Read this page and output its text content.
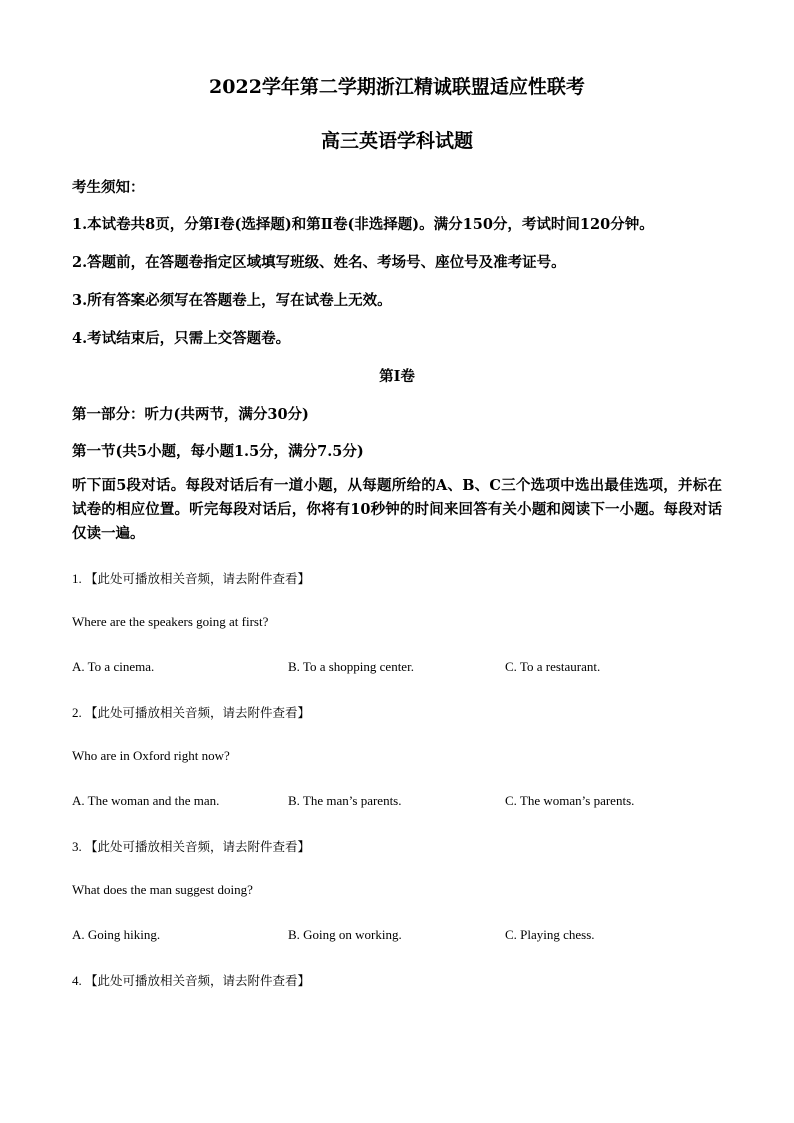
2022学年第二学期浙江精诚联盟适应性联考
高三英语学科试题
考生须知：
1.本试卷共8页，分第Ⅰ卷(选择题)和第Ⅱ卷(非选择题)。满分150分，考试时间120分钟。
2.答题前，在答题卷指定区域填写班级、姓名、考场号、座位号及准考证号。
3.所有答案必须写在答题卷上，写在试卷上无效。
4.考试结束后，只需上交答题卷。
第Ⅰ卷
第一部分：听力(共两节，满分30分)
第一节(共5小题，每小题1.5分，满分7.5分)
听下面5段对话。每段对话后有一道小题，从每题所给的A、B、C三个选项中选出最佳选项，并标在试卷的相应位置。听完每段对话后，你将有10秒钟的时间来回答有关小题和阅读下一小题。每段对话仅读一遍。
1. 【此处可播放相关音频，请去附件查看】
Where are the speakers going at first?
A. To a cinema.	B. To a shopping center.	C. To a restaurant.
2. 【此处可播放相关音频，请去附件查看】
Who are in Oxford right now?
A. The woman and the man.	B. The man’s parents.	C. The woman’s parents.
3. 【此处可播放相关音频，请去附件查看】
What does the man suggest doing?
A. Going hiking.	B. Going on working.	C. Playing chess.
4. 【此处可播放相关音频，请去附件查看】
